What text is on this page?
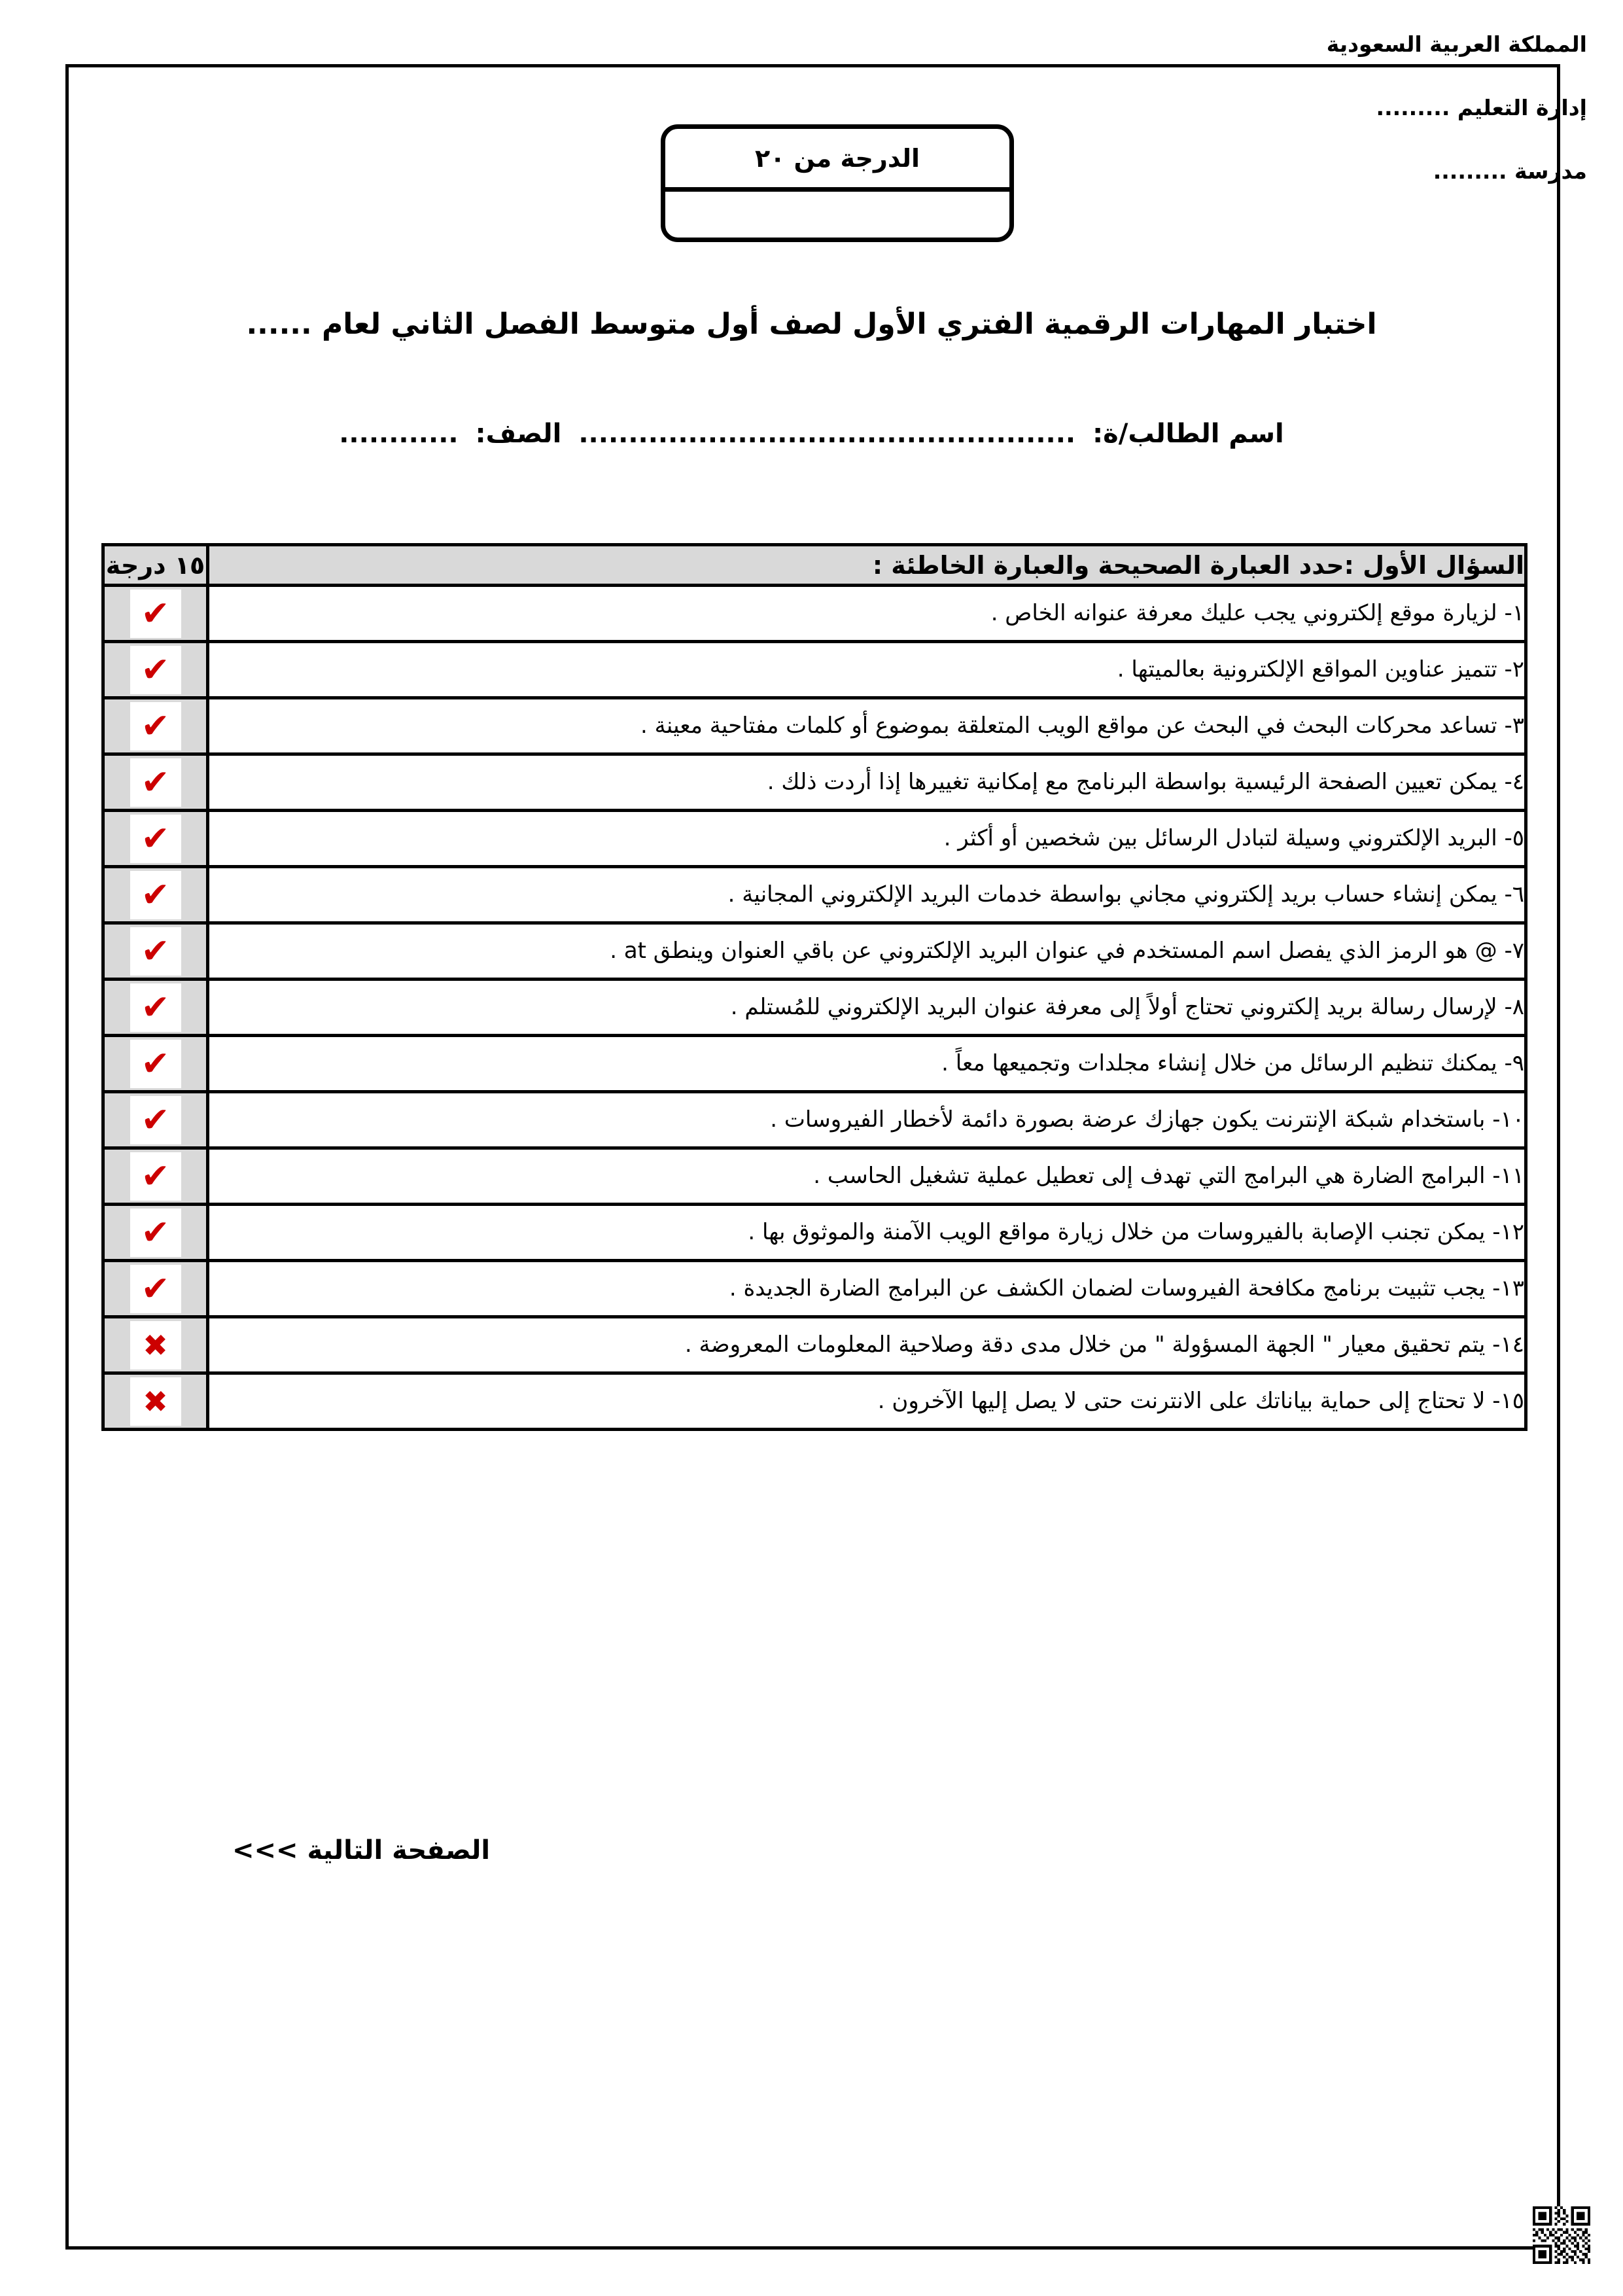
المملكة العربية السعودية
إدارة التعليم .........
مدرسة .........
الدرجة من ٢٠
اختبار المهارات الرقمية الفتري الأول لصف أول متوسط الفصل الثاني لعام ......
اسم الطالب/ة:..................................................الصف:............
السؤال الأول :حدد العبارة الصحيحة والعبارة الخاطئة :	١٥ درجة
١- لزيارة موقع إلكتروني يجب عليك معرفة عنوانه الخاص .	✔

٢- تتميز عناوين المواقع الإلكترونية بعالميتها .	✔

٣- تساعد محركات البحث في البحث عن مواقع الويب المتعلقة بموضوع أو كلمات مفتاحية معينة .	✔

٤- يمكن تعيين الصفحة الرئيسية بواسطة البرنامج مع إمكانية تغييرها إذا أردت ذلك .	✔

٥- البريد الإلكتروني وسيلة لتبادل الرسائل بين شخصين أو أكثر .	✔

٦- يمكن إنشاء حساب بريد إلكتروني مجاني بواسطة خدمات البريد الإلكتروني المجانية .	✔

٧- @ هو الرمز الذي يفصل اسم المستخدم في عنوان البريد الإلكتروني عن باقي العنوان وينطق at .	✔

٨- لإرسال رسالة بريد إلكتروني تحتاج أولاً إلى معرفة عنوان البريد الإلكتروني للمُستلم .	✔

٩- يمكنك تنظيم الرسائل من خلال إنشاء مجلدات وتجميعها معاً .	✔

١٠- باستخدام شبكة الإنترنت يكون جهازك عرضة بصورة دائمة لأخطار الفيروسات .	✔

١١- البرامج الضارة هي البرامج التي تهدف إلى تعطيل عملية تشغيل الحاسب .	✔

١٢- يمكن تجنب الإصابة بالفيروسات من خلال زيارة مواقع الويب الآمنة والموثوق بها .	✔

١٣- يجب تثبيت برنامج مكافحة الفيروسات لضمان الكشف عن البرامج الضارة الجديدة .	✔

١٤- يتم تحقيق معيار " الجهة المسؤولة " من خلال مدى دقة وصلاحية المعلومات المعروضة .	✖

١٥- لا تحتاج إلى حماية بياناتك على الانترنت حتى لا يصل إليها الآخرون .	✖
الصفحة التالية >>>
